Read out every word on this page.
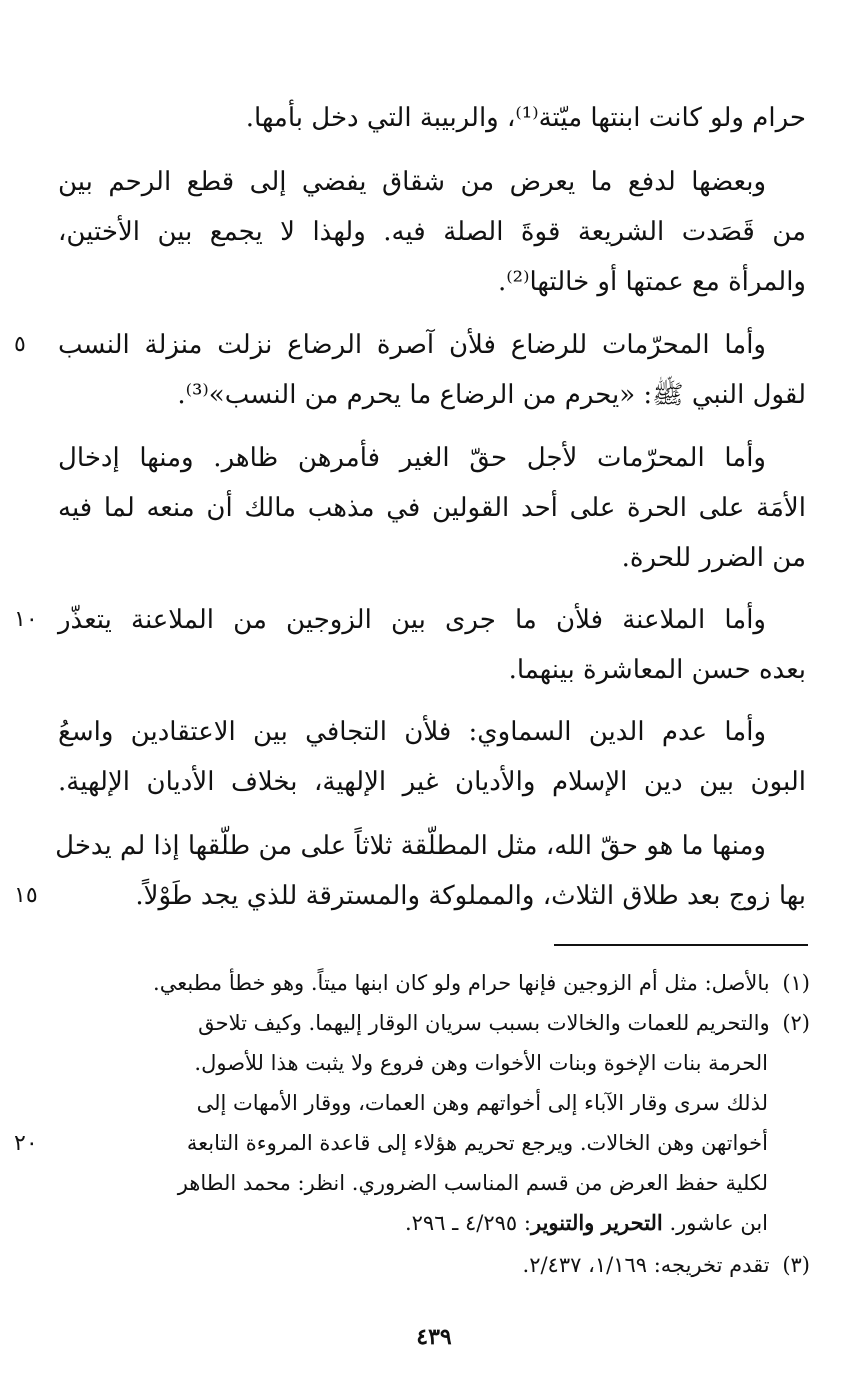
حرام ولو كانت ابنتها ميّتة⁽¹⁾، والربيبة التي دخل بأمها.
وبعضها لدفع ما يعرض من شقاق يفضي إلى قطع الرحم بين
من قَصَدت الشريعة قوةَ الصلة فيه. ولهذا لا يجمع بين الأختين،
والمرأة مع عمتها أو خالتها⁽²⁾.
وأما المحرّمات للرضاع فلأن آصرة الرضاع نزلت منزلة النسب
٥
لقول النبي ﷺ: «يحرم من الرضاع ما يحرم من النسب»⁽³⁾.
وأما المحرّمات لأجل حقّ الغير فأمرهن ظاهر. ومنها إدخال
الأمَة على الحرة على أحد القولين في مذهب مالك أن منعه لما فيه
من الضرر للحرة.
وأما الملاعنة فلأن ما جرى بين الزوجين من الملاعنة يتعذّر
١٠
بعده حسن المعاشرة بينهما.
وأما عدم الدين السماوي: فلأن التجافي بين الاعتقادين واسعُ
البون بين دين الإسلام والأديان غير الإلهية، بخلاف الأديان الإلهية.
ومنها ما هو حقّ الله، مثل المطلّقة ثلاثاً على من طلّقها إذا لم يدخل
بها زوج بعد طلاق الثلاث، والمملوكة والمسترقة للذي يجد طَوْلاً.
١٥
(١) بالأصل: مثل أم الزوجين فإنها حرام ولو كان ابنها ميتاً. وهو خطأ مطبعي.
(٢) والتحريم للعمات والخالات بسبب سريان الوقار إليهما. وكيف تلاحق
الحرمة بنات الإخوة وبنات الأخوات وهن فروع ولا يثبت هذا للأصول.
لذلك سرى وقار الآباء إلى أخواتهم وهن العمات، ووقار الأمهات إلى
أخواتهن وهن الخالات. ويرجع تحريم هؤلاء إلى قاعدة المروءة التابعة
٢٠
لكلية حفظ العرض من قسم المناسب الضروري. انظر: محمد الطاهر
ابن عاشور. التحرير والتنوير: ٤/٢٩٥ ـ ٢٩٦.
(٣) تقدم تخريجه: ١/١٦٩، ٢/٤٣٧.
٤٣٩
